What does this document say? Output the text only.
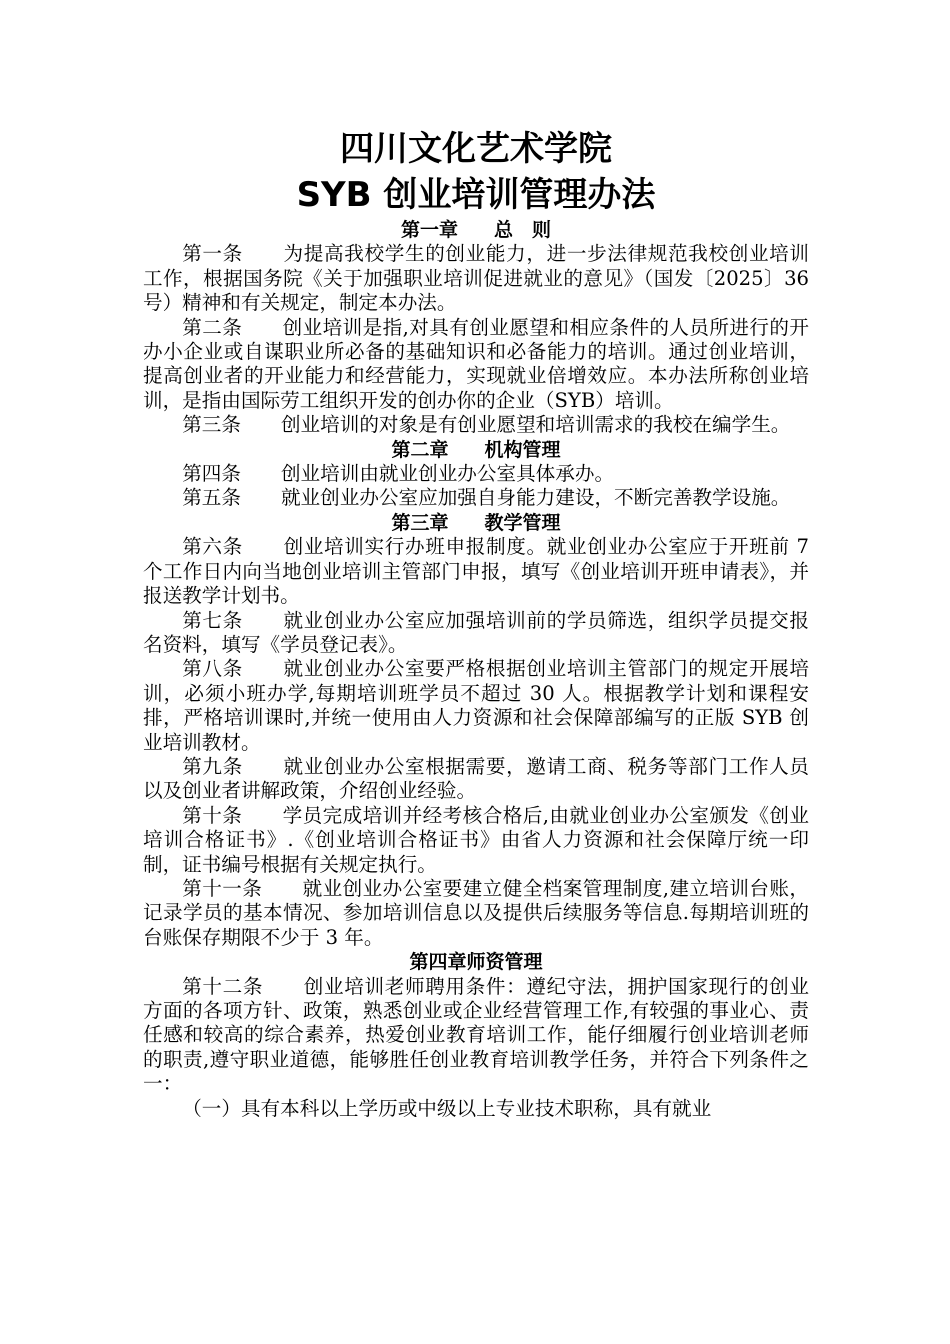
四川文化艺术学院
SYB 创业培训管理办法
第一章 总　则

第一条 为提高我校学生的创业能力，进一步法律规范我校创业培训工作，根据国务院《关于加强职业培训促进就业的意见》（国发〔2025〕36 号）精神和有关规定，制定本办法。

第二条 创业培训是指,对具有创业愿望和相应条件的人员所进行的开办小企业或自谋职业所必备的基础知识和必备能力的培训。通过创业培训，提高创业者的开业能力和经营能力，实现就业倍增效应。本办法所称创业培训，是指由国际劳工组织开发的创办你的企业（SYB）培训。

第三条 创业培训的对象是有创业愿望和培训需求的我校在编学生。

第二章 机构管理

第四条 创业培训由就业创业办公室具体承办。

第五条 就业创业办公室应加强自身能力建设，不断完善教学设施。

第三章 教学管理

第六条 创业培训实行办班申报制度。就业创业办公室应于开班前 7 个工作日内向当地创业培训主管部门申报，填写《创业培训开班申请表》，并报送教学计划书。

第七条 就业创业办公室应加强培训前的学员筛选，组织学员提交报名资料，填写《学员登记表》。

第八条 就业创业办公室要严格根据创业培训主管部门的规定开展培训，必须小班办学,每期培训班学员不超过 30 人。根据教学计划和课程安排，严格培训课时,并统一使用由人力资源和社会保障部编写的正版 SYB 创业培训教材。

第九条 就业创业办公室根据需要，邀请工商、税务等部门工作人员以及创业者讲解政策，介绍创业经验。

第十条 学员完成培训并经考核合格后,由就业创业办公室颁发《创业培训合格证书》.《创业培训合格证书》由省人力资源和社会保障厅统一印制，证书编号根据有关规定执行。

第十一条 就业创业办公室要建立健全档案管理制度,建立培训台账，记录学员的基本情况、参加培训信息以及提供后续服务等信息.每期培训班的台账保存期限不少于 3 年。

第四章师资管理

第十二条 创业培训老师聘用条件：遵纪守法，拥护国家现行的创业方面的各项方针、政策，熟悉创业或企业经营管理工作,有较强的事业心、责任感和较高的综合素养，热爱创业教育培训工作，能仔细履行创业培训老师的职责,遵守职业道德，能够胜任创业教育培训教学任务，并符合下列条件之一：

（一）具有本科以上学历或中级以上专业技术职称，具有就业
